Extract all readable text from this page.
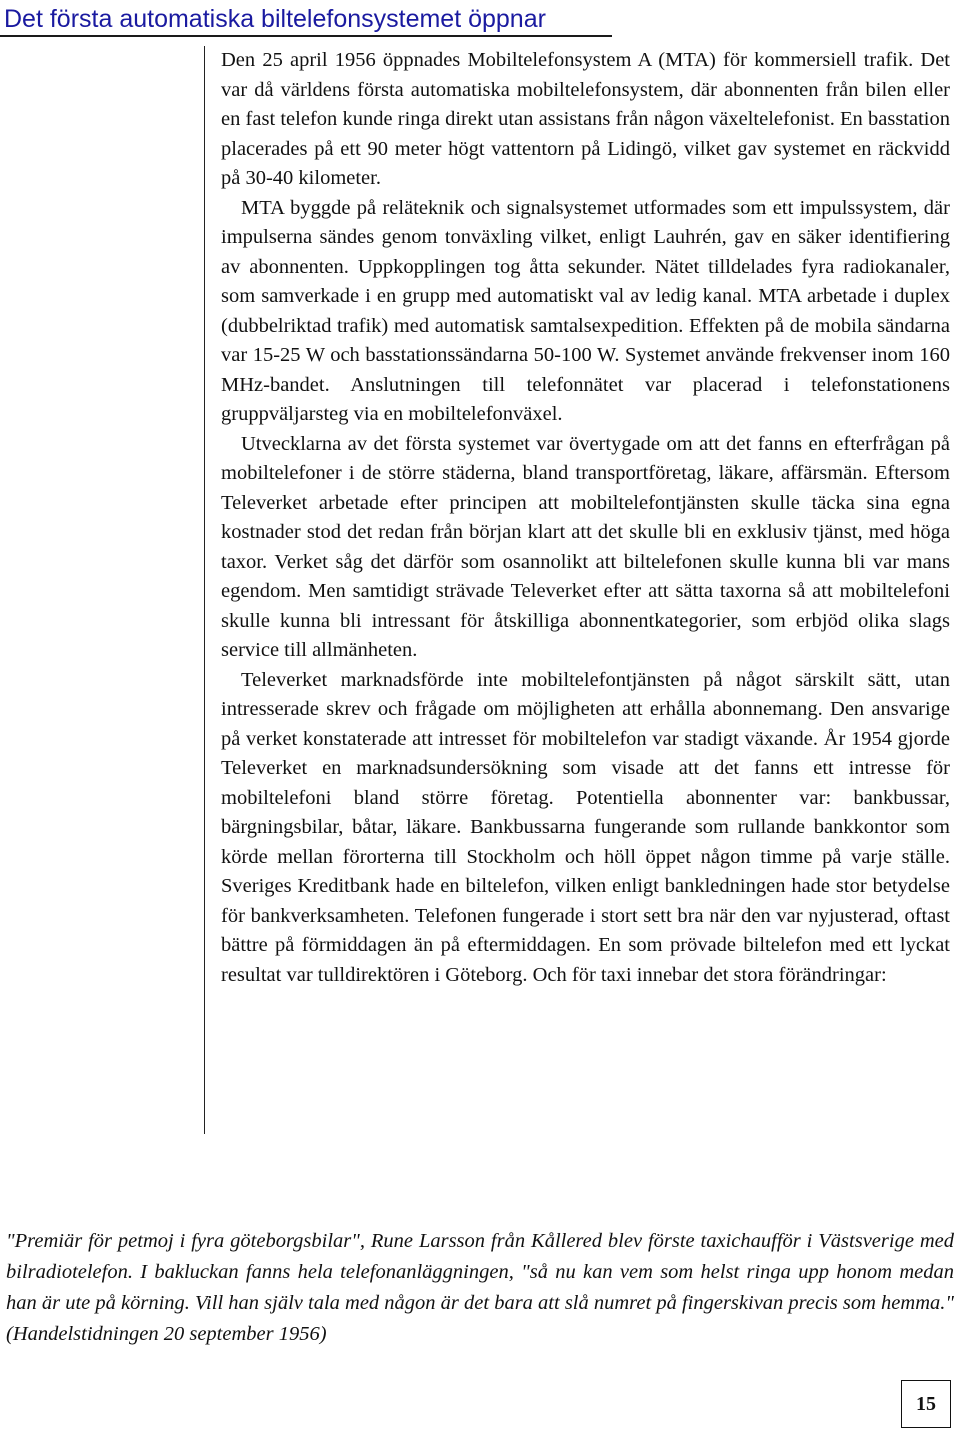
Det första automatiska biltelefonsystemet öppnar

Den 25 april 1956 öppnades Mobiltelefonsystem A (MTA) för kommersiell trafik. Det var då världens första automatiska mobiltelefonsystem, där abonnenten från bilen eller en fast telefon kunde ringa direkt utan assistans från någon växeltelefonist. En basstation placerades på ett 90 meter högt vattentorn på Lidingö, vilket gav systemet en räckvidd på 30-40 kilometer.

MTA byggde på reläteknik och signalsystemet utformades som ett impulssystem, där impulserna sändes genom tonväxling vilket, enligt Lauhrén, gav en säker identifiering av abonnenten. Uppkopplingen tog åtta sekunder. Nätet tilldelades fyra radiokanaler, som samverkade i en grupp med automatiskt val av ledig kanal. MTA arbetade i duplex (dubbelriktad trafik) med automatisk samtalsexpedition. Effekten på de mobila sändarna var 15-25 W och basstationssändarna 50-100 W. Systemet använde frekvenser inom 160 MHz-bandet. Anslutningen till telefonnätet var placerad i telefonstationens gruppväljarsteg via en mobiltelefonväxel.

Utvecklarna av det första systemet var övertygade om att det fanns en efterfrågan på mobiltelefoner i de större städerna, bland transportföretag, läkare, affärsmän. Eftersom Televerket arbetade efter principen att mobiltelefontjänsten skulle täcka sina egna kostnader stod det redan från början klart att det skulle bli en exklusiv tjänst, med höga taxor. Verket såg det därför som osannolikt att biltelefonen skulle kunna bli var mans egendom. Men samtidigt strävade Televerket efter att sätta taxorna så att mobiltelefoni skulle kunna bli intressant för åtskilliga abonnentkategorier, som erbjöd olika slags service till allmänheten.

Televerket marknadsförde inte mobiltelefontjänsten på något särskilt sätt, utan intresserade skrev och frågade om möjligheten att erhålla abonnemang. Den ansvarige på verket konstaterade att intresset för mobiltelefon var stadigt växande. År 1954 gjorde Televerket en marknadsundersökning som visade att det fanns ett intresse för mobiltelefoni bland större företag. Potentiella abonnenter var: bankbussar, bärgningsbilar, båtar, läkare. Bankbussarna fungerande som rullande bankkontor som körde mellan förorterna till Stockholm och höll öppet någon timme på varje ställe. Sveriges Kreditbank hade en biltelefon, vilken enligt bankledningen hade stor betydelse för bankverksamheten. Telefonen fungerade i stort sett bra när den var nyjusterad, oftast bättre på förmiddagen än på eftermiddagen. En som prövade biltelefon med ett lyckat resultat var tulldirektören i Göteborg. Och för taxi innebar det stora förändringar:

"Premiär för petmoj i fyra göteborgsbilar", Rune Larsson från Kållered blev förste taxichaufför i Västsverige med bilradiotelefon. I bakluckan fanns hela telefonanläggningen, "så nu kan vem som helst ringa upp honom medan han är ute på körning. Vill han själv tala med någon är det bara att slå numret på fingerskivan precis som hemma." (Handelstidningen 20 september 1956)

15
